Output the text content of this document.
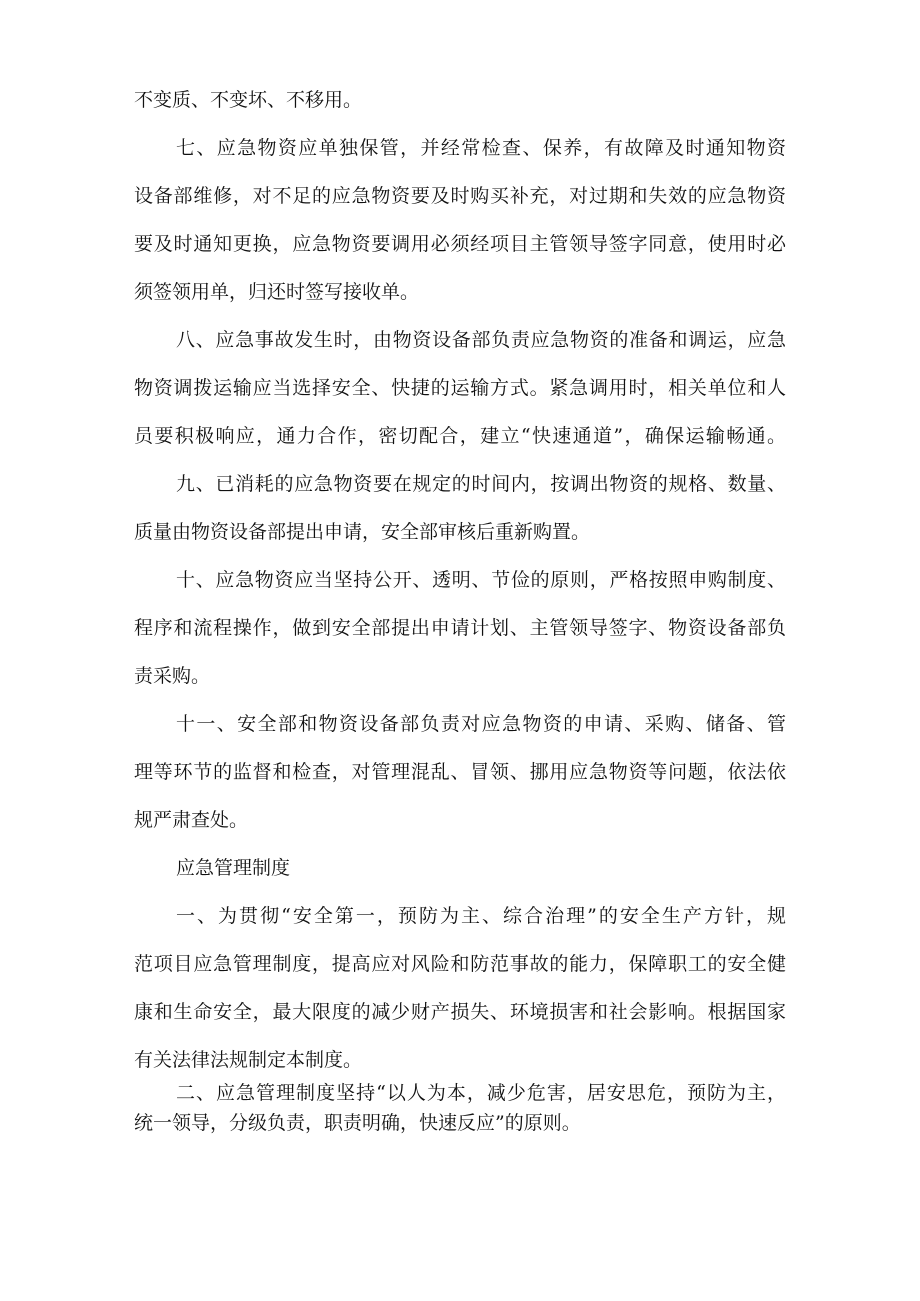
不变质、不变坏、不移用。
七、应急物资应单独保管，并经常检查、保养，有故障及时通知物资
设备部维修，对不足的应急物资要及时购买补充，对过期和失效的应急物资
要及时通知更换，应急物资要调用必须经项目主管领导签字同意，使用时必
须签领用单，归还时签写接收单。
八、应急事故发生时，由物资设备部负责应急物资的准备和调运，应急
物资调拨运输应当选择安全、快捷的运输方式。紧急调用时，相关单位和人
员要积极响应，通力合作，密切配合，建立“快速通道”，确保运输畅通。
九、已消耗的应急物资要在规定的时间内，按调出物资的规格、数量、
质量由物资设备部提出申请，安全部审核后重新购置。
十、应急物资应当坚持公开、透明、节俭的原则，严格按照申购制度、
程序和流程操作，做到安全部提出申请计划、主管领导签字、物资设备部负
责采购。
十一、安全部和物资设备部负责对应急物资的申请、采购、储备、管
理等环节的监督和检查，对管理混乱、冒领、挪用应急物资等问题，依法依
规严肃查处。
应急管理制度
一、为贯彻“安全第一，预防为主、综合治理”的安全生产方针，规
范项目应急管理制度，提高应对风险和防范事故的能力，保障职工的安全健
康和生命安全，最大限度的减少财产损失、环境损害和社会影响。根据国家
有关法律法规制定本制度。
二、应急管理制度坚持“以人为本，减少危害，居安思危，预防为主，
统一领导，分级负责，职责明确，快速反应”的原则。
